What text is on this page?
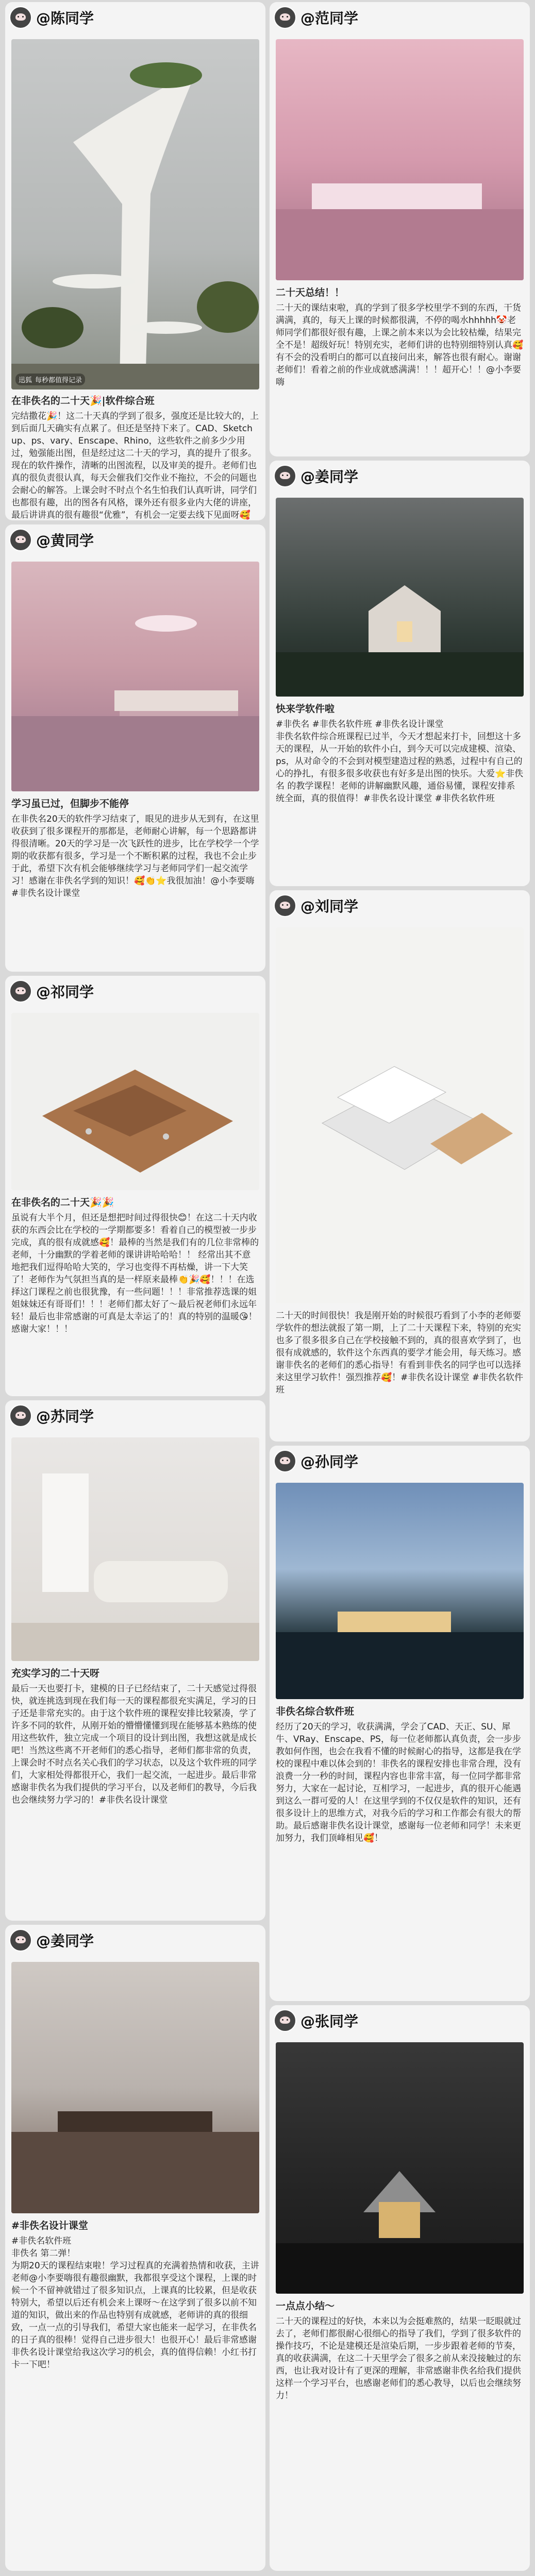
@陈同学
迅狐 每秒都值得记录
在非佚名的二十天🎉|软件综合班
完结撒花🎉！这二十天真的学到了很多，强度还是比较大的，上到后面几天确实有点累了。但还是坚持下来了。CAD、Sketch up、ps、vary、Enscape、Rhino，这些软件之前多少少用过，勉强能出图，但是经过这二十天的学习，真的提升了很多。现在的软件操作，清晰的出图流程，以及审美的提升。老师们也真的很负责很认真，每天会催我们交作业不拖拉，不会的问题也会耐心的解答。上课会时不时点个名生怕我们认真听讲，同学们也都很有趣，出的图各有风格，课外还有很多业内大佬的讲座，最后讲讲真的很有趣很“优雅”，有机会一定要去线下见面呀🥰
@黄同学
学习虽已过，但脚步不能停
在非佚名20天的软件学习结束了，眼见的进步从无到有，在这里收获到了很多课程开的那都是，老师耐心讲解，每一个思路都讲得很清晰。20天的学习是一次飞跃性的进步，比在学校学一个学期的收获都有很多，学习是一个不断积累的过程，我也不会止步于此，希望下次有机会能够继续学习与老师同学们一起交流学习！感谢在非佚名学到的知识！🥰👏⭐我很加油！@小李要嗨 #非佚名设计课堂
@祁同学
在非佚名的二十天🎉🎉
虽说有大半个月，但还是想把时间过得很快😊！在这二十天内收获的东西会比在学校的一学期都要多！看着自己的模型被一步步完成，真的很有成就感🥰！最棒的当然是我们有的几位非常棒的老师，十分幽默的学着老师的课讲讲哈哈哈！！ 经常出其不意地把我们逗得哈哈大笑的，学习也变得不再枯燥，讲一下大笑了！老师作为气氛担当真的是一样原来最棒👏🎉🥰！！！在选择这门课程之前也很犹豫，有一些问题！！！非常推荐选课的姐姐妹妹还有哥哥们！！！老师们都太好了～最后祝老师们永远年轻！最后也非常感谢的可真是太幸运了的！真的特别的温暖😘！感谢大家！！！
@苏同学
充实学习的二十天呀
最后一天也要打卡，建模的日子已经结束了，二十天感觉过得很快，就连挑选到现在我们每一天的课程都很充实满足，学习的日子还是非常充实的。由于这个软件班的课程安排比较紧凑，学了许多不同的软件，从刚开始的懵懵懂懂到现在能够基本熟练的使用这些软件，独立完成一个项目的设计到出图，我想这就是成长吧！当然这些离不开老师们的悉心指导，老师们都非常的负责，上课会时不时点名关心我们的学习状态，以及这个软件班的同学们，大家相处得都很开心，我们一起交流，一起进步。最后非常感谢非佚名为我们提供的学习平台，以及老师们的教导，今后我也会继续努力学习的！#非佚名设计课堂
@姜同学
#非佚名设计课堂
#非佚名软件班
非佚名 第二弹！
为期20天的课程结束啦！学习过程真的充满着热情和收获，主讲老师@小李要嗨很有趣很幽默，我都很享受这个课程，上课的时候一个不留神就错过了很多知识点，上课真的比较累，但是收获特别大，希望以后还有机会来上课呀～在这学到了很多以前不知道的知识，做出来的作品也特别有成就感，老师讲的真的很细致，一点一点的引导我们，希望大家也能来一起学习，在非佚名的日子真的很棒！觉得自己进步很大！也很开心！最后非常感谢非佚名设计课堂给我这次学习的机会，真的值得信赖！小红书打卡一下吧！
@范同学
二十天总结！！
二十天的课结束啦，真的学到了很多学校里学不到的东西，干货满满，真的，每天上课的时候都很满，不停的喝水hhhhh🤡老师同学们都很好很有趣，上课之前本来以为会比较枯燥，结果完全不是！超级好玩！特别充实，老师们讲的也特别细特别认真🥰有不会的没看明白的都可以直接问出来，解答也很有耐心。谢谢老师们！看着之前的作业成就感满满！！！超开心！！@小李要嗨
@姜同学
快来学软件啦
#非佚名 #非佚名软件班 #非佚名设计课堂
非佚名软件综合班课程已过半，今天才想起来打卡，回想这十多天的课程，从一开始的软件小白，到今天可以完成建模、渲染、ps，从对命令的不会到对模型建造过程的熟悉，过程中有自己的心的挣扎，有很多很多收获也有好多是出图的快乐。大爱⭐非佚名 的教学课程！老师的讲解幽默风趣，通俗易懂，课程安排系统全面，真的很值得！#非佚名设计课堂 #非佚名软件班
@刘同学
二十天的时间很快！我是刚开始的时候很巧看到了小李的老师要学软件的想法就报了第一期，上了二十天课程下来，特别的充实也多了很多很多自己在学校接触不到的，真的很喜欢学到了，也很有成就感的，软件这个东西真的要学才能会用，每天练习。感谢非佚名的老师们的悉心指导！有看到非佚名的同学也可以选择来这里学习软件！强烈推荐🥰！#非佚名设计课堂 #非佚名软件班
@孙同学
非佚名综合软件班
经历了20天的学习，收获满满，学会了CAD、天正、SU、犀牛、VRay、Enscape、PS，每一位老师都认真负责，会一步步教如何作图，也会在我看不懂的时候耐心的指导，这都是我在学校的课程中难以体会到的！非佚名的课程安排也非常合理，没有浪费一分一秒的时间，课程内容也非常丰富，每一位同学都非常努力，大家在一起讨论，互相学习，一起进步，真的很开心能遇到这么一群可爱的人！在这里学到的不仅仅是软件的知识，还有很多设计上的思维方式，对我今后的学习和工作都会有很大的帮助。最后感谢非佚名设计课堂，感谢每一位老师和同学！未来更加努力，我们顶峰相见🥰！
@张同学
一点点小结～
二十天的课程过的好快，本来以为会挺难熬的，结果一眨眼就过去了，老师们都很耐心很细心的指导了我们，学到了很多软件的操作技巧，不论是建模还是渲染后期，一步步跟着老师的节奏，真的收获满满，在这二十天里学会了很多之前从来没接触过的东西，也让我对设计有了更深的理解，非常感谢非佚名给我们提供这样一个学习平台，也感谢老师们的悉心教导，以后也会继续努力！
